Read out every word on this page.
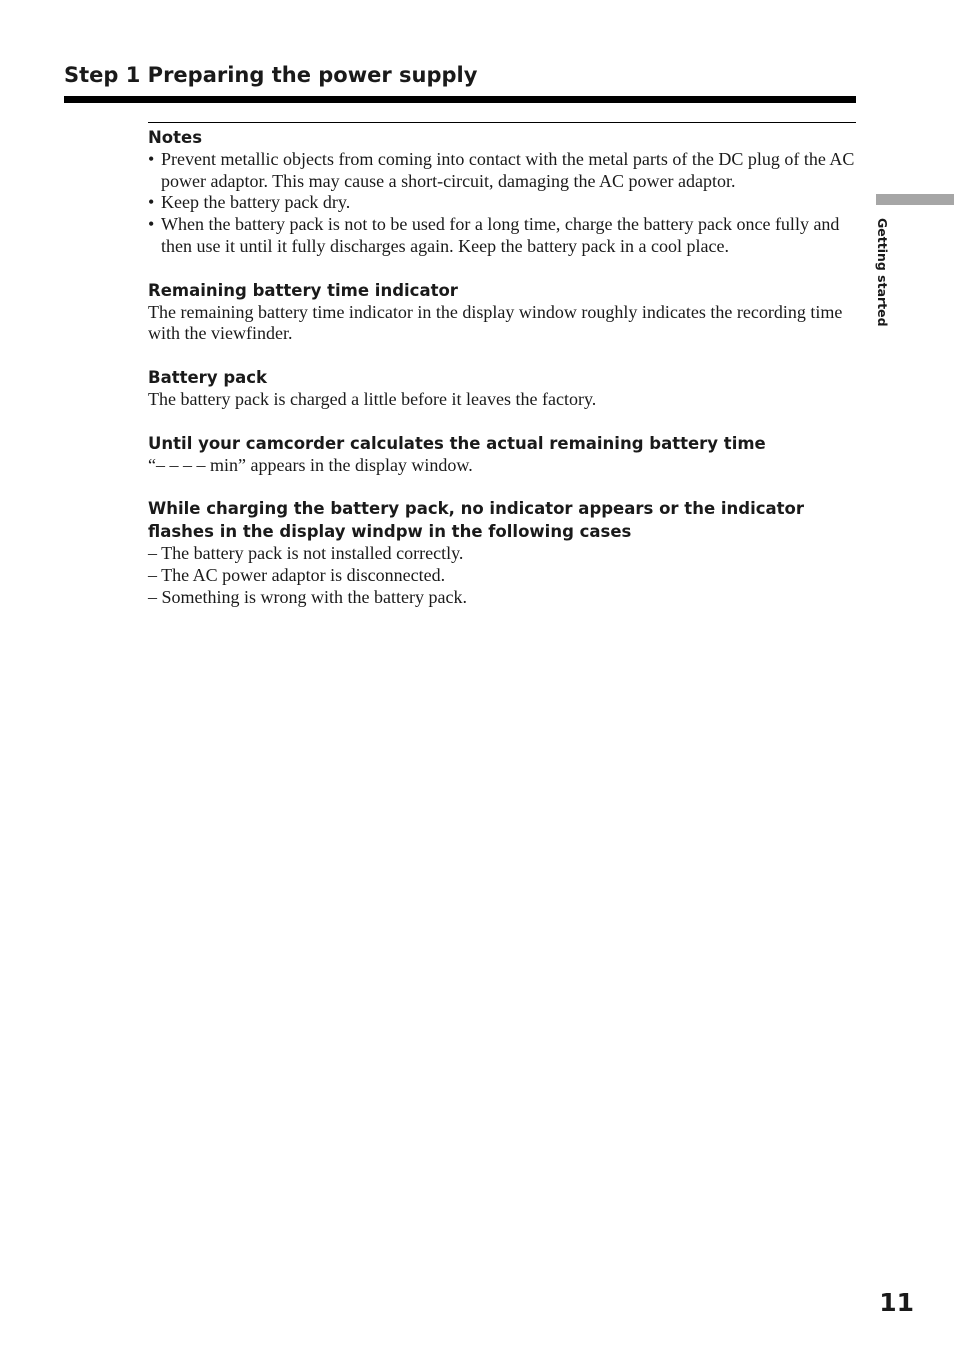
Step 1 Preparing the power supply
Getting started

Notes

• Prevent metallic objects from coming into contact with the metal parts of the DC plug of the AC power adaptor. This may cause a short-circuit, damaging the AC power adaptor.
• Keep the battery pack dry.
• When the battery pack is not to be used for a long time, charge the battery pack once fully and then use it until it fully discharges again. Keep the battery pack in a cool place.

Remaining battery time indicator

The remaining battery time indicator in the display window roughly indicates the recording time with the viewfinder.

Battery pack

The battery pack is charged a little before it leaves the factory.

Until your camcorder calculates the actual remaining battery time

“– – – – min” appears in the display window.

While charging the battery pack, no indicator appears or the indicator flashes in the display windpw in the following cases

– The battery pack is not installed correctly.
– The AC power adaptor is disconnected.
– Something is wrong with the battery pack.
11
